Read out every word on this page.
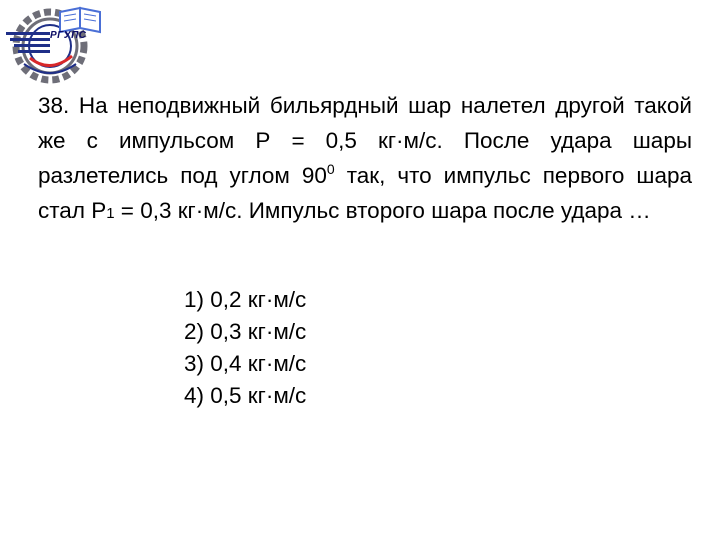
РГУПС
38. На неподвижный бильярдный шар налетел другой такой же с импульсом Р = 0,5 кг·м/с. После удара шары разлетелись под углом $90^0$ так, что импульс первого шара стал Р1 = 0,3 кг·м/с. Импульс второго шара после удара …
1) 0,2 кг·м/с
2) 0,3 кг·м/с
3) 0,4 кг·м/с
4) 0,5 кг·м/с
